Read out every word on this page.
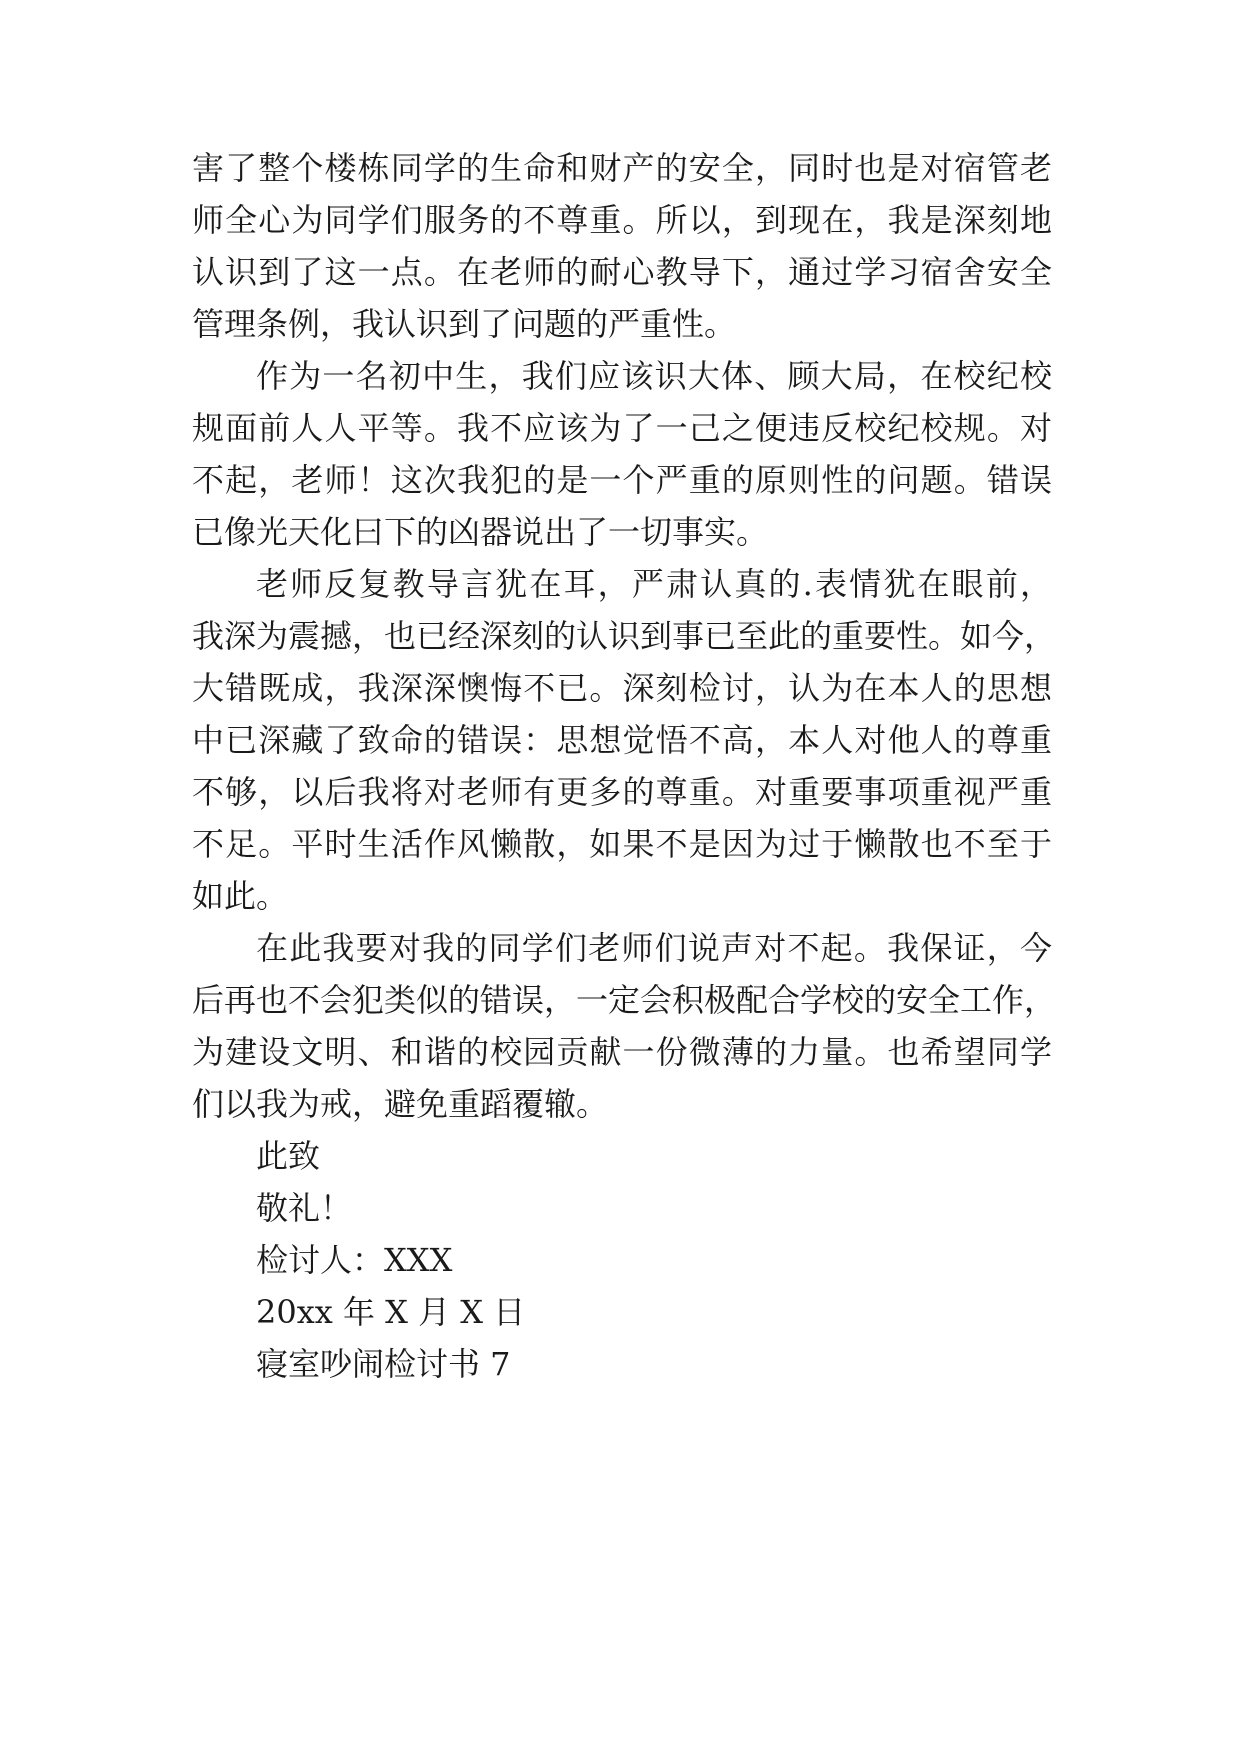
害了整个楼栋同学的生命和财产的安全，同时也是对宿管老
师全心为同学们服务的不尊重。所以，到现在，我是深刻地
认识到了这一点。在老师的耐心教导下，通过学习宿舍安全
管理条例，我认识到了问题的严重性。
作为一名初中生，我们应该识大体、顾大局，在校纪校
规面前人人平等。我不应该为了一己之便违反校纪校规。对
不起，老师！这次我犯的是一个严重的原则性的问题。错误
已像光天化曰下的凶器说出了一切事实。
老师反复教导言犹在耳，严肃认真的.表情犹在眼前，
我深为震撼，也已经深刻的认识到事已至此的重要性。如今，
大错既成，我深深懊悔不已。深刻检讨，认为在本人的思想
中已深藏了致命的错误：思想觉悟不高，本人对他人的尊重
不够，以后我将对老师有更多的尊重。对重要事项重视严重
不足。平时生活作风懒散，如果不是因为过于懒散也不至于
如此。
在此我要对我的同学们老师们说声对不起。我保证，今
后再也不会犯类似的错误，一定会积极配合学校的安全工作，
为建设文明、和谐的校园贡献一份微薄的力量。也希望同学
们以我为戒，避免重蹈覆辙。
此致
敬礼！
检讨人：XXX
20xx 年 X 月 X 日
寝室吵闹检讨书 7
